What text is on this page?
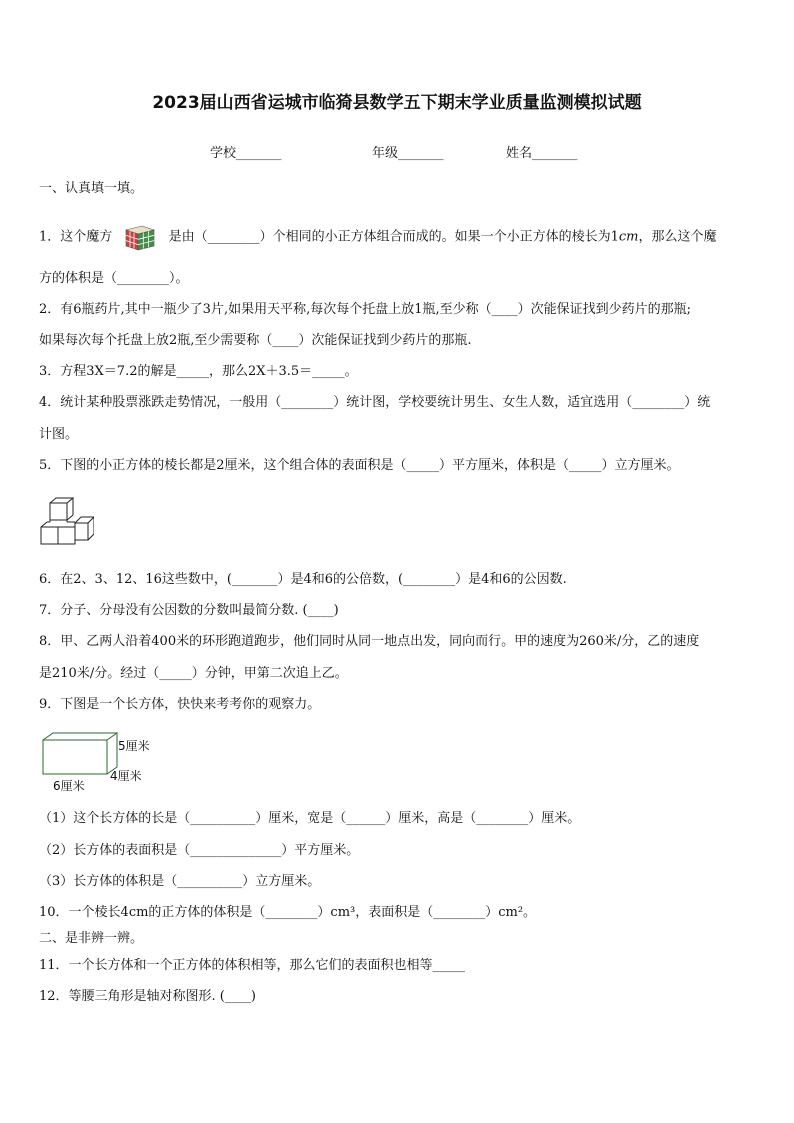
2023届山西省运城市临猗县数学五下期末学业质量监测模拟试题
学校_______	年级_______	姓名_______
一、认真填一填。
1．这个魔方	是由（________）个相同的小正方体组合而成的。如果一个小正方体的棱长为1cm，那么这个魔
方的体积是（________）。
2．有6瓶药片,其中一瓶少了3片,如果用天平称,每次每个托盘上放1瓶,至少称（____）次能保证找到少药片的那瓶;
如果每次每个托盘上放2瓶,至少需要称（____）次能保证找到少药片的那瓶.
3．方程3X＝7.2的解是_____，那么2X＋3.5＝_____。
4．统计某种股票涨跌走势情况，一般用（________）统计图，学校要统计男生、女生人数，适宜选用（________）统
计图。
5．下图的小正方体的棱长都是2厘米，这个组合体的表面积是（_____）平方厘米，体积是（_____）立方厘米。
6．在2、3、12、16这些数中，(_______）是4和6的公倍数，(________）是4和6的公因数.
7．分子、分母没有公因数的分数叫最简分数. (____)
8．甲、乙两人沿着400米的环形跑道跑步，他们同时从同一地点出发，同向而行。甲的速度为260米/分，乙的速度
是210米/分。经过（_____）分钟，甲第二次追上乙。
9．下图是一个长方体，快快来考考你的观察力。
5厘米
4厘米
6厘米
（1）这个长方体的长是（__________）厘米，宽是（______）厘米，高是（________）厘米。
（2）长方体的表面积是（______________）平方厘米。
（3）长方体的体积是（__________）立方厘米。
10．一个棱长4cm的正方体的体积是（________）cm³，表面积是（________）cm²。
二、是非辨一辨。
11．一个长方体和一个正方体的体积相等，那么它们的表面积也相等_____
12．等腰三角形是轴对称图形. (____)
